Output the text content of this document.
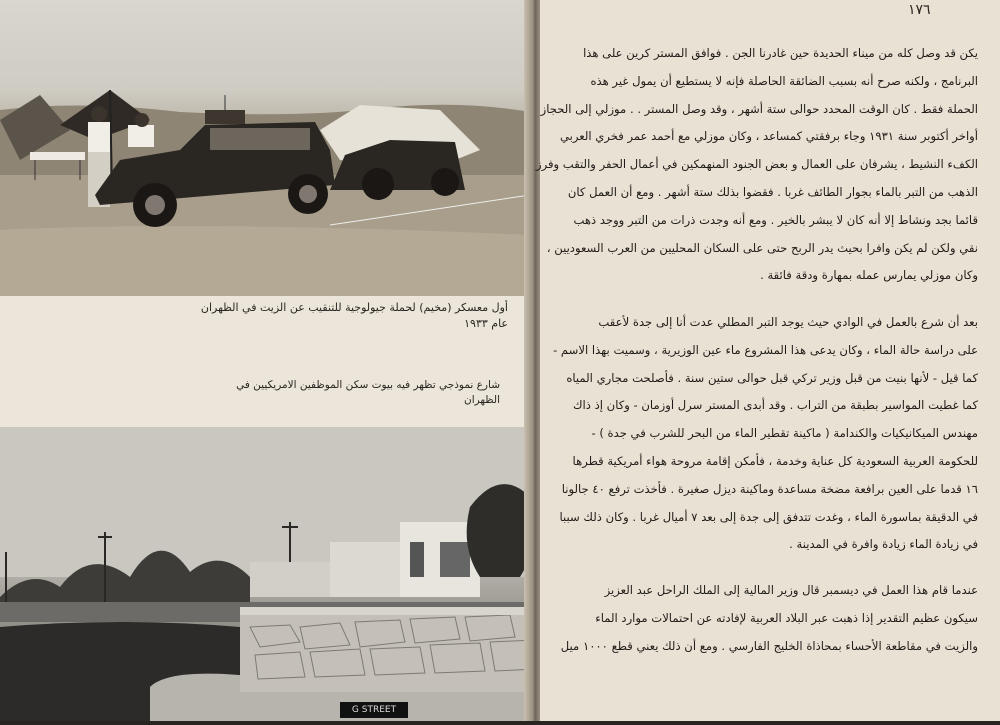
أول معسكر (مخيم) لحملة جيولوجية للتنقيب عن الزيت في الظهران
عام ١٩٣٣
شارع نموذجي تظهر فيه بيوت سكن الموظفين الامريكيين في
الظهران
G STREET
١٧٦
يكن قد وصل كله من ميناء الحديدة حين غادرنا الجن . فوافق المستر كرين على هذا
البرنامج ، ولكنه صرح أنه بسبب الضائقة الحاصلة فإنه لا يستطيع أن يمول غير هذه
الحملة فقط . كان الوقت المحدد حوالى ستة أشهر ، وقد وصل المستر . . موزلي إلى الحجاز
أواخر أكتوبر سنة ١٩٣١ وجاء برفقتي كمساعد ، وكان موزلي مع أحمد عمر فخري العربي
الكفء النشيط ، يشرفان على العمال و بعض الجنود المنهمكين في أعمال الحفر والتقب وفرز
الذهب من التبر بالماء بجوار الطائف غربا . فقضوا بذلك ستة أشهر . ومع أن العمل كان
قائما بجد ونشاط إلا أنه كان لا يبشر بالخير . ومع أنه وجدت ذرات من التبر ووجد ذهب
نقي ولكن لم يكن وافرا بحيث يدر الربح حتى على السكان المحليين من العرب السعوديين ،
وكان موزلي يمارس عمله بمهارة ودقة فائقة .
بعد أن شرع بالعمل في الوادي حيث يوجد التبر المطلي عدت أنا إلى جدة لأعقب
على دراسة حالة الماء ، وكان يدعى هذا المشروع ماء عين الوزيرية ، وسميت بهذا الاسم -
كما قيل - لأنها بنيت من قبل وزير تركي قبل حوالى ستين سنة . فأصلحت مجاري المياه
كما غطيت المواسير بطبقة من التراب . وقد أبدى المستر سرل أوزمان - وكان إذ ذاك
مهندس الميكانيكيات والكندامة ( ماكينة تقطير الماء من البحر للشرب في جدة ) -
للحكومة العربية السعودية كل عناية وخدمة ، فأمكن إقامة مروحة هواء أمريكية قطرها
١٦ قدما على العين برافعة مضخة مساعدة وماكينة ديزل صغيرة . فأخذت ترفع ٤٠ جالونا
في الدقيقة بماسورة الماء ، وغدت تتدفق إلى جدة إلى بعد ٧ أميال غربا . وكان ذلك سببا
في زيادة الماء زيادة وافرة في المدينة .
عندما قام هذا العمل في ديسمبر قال وزير المالية إلى الملك الراحل عبد العزيز
سيكون عظيم التقدير إذا ذهبت عبر البلاد العربية لإفادته عن احتمالات موارد الماء
والزيت في مقاطعة الأحساء بمحاذاة الخليج الفارسي . ومع أن ذلك يعني قطع ١٠٠٠ ميل
